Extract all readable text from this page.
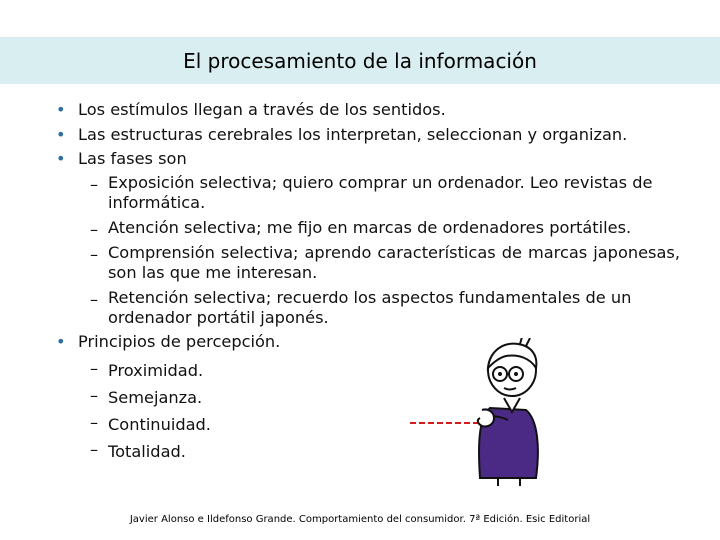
El procesamiento de la información
• Los estímulos llegan a través de los sentidos.
• Las estructuras cerebrales los interpretan, seleccionan y organizan.
• Las fases son
– Exposición selectiva; quiero comprar un ordenador. Leo revistas de informática.
– Atención selectiva; me fijo en marcas de ordenadores portátiles.
– Comprensión selectiva; aprendo características de marcas japonesas, son las que me interesan.
– Retención selectiva; recuerdo los aspectos fundamentales de un ordenador portátil japonés.
• Principios de percepción.
– Proximidad.
– Semejanza.
– Continuidad.
– Totalidad.
Javier Alonso e Ildefonso Grande. Comportamiento del consumidor. 7ª Edición. Esic Editorial
